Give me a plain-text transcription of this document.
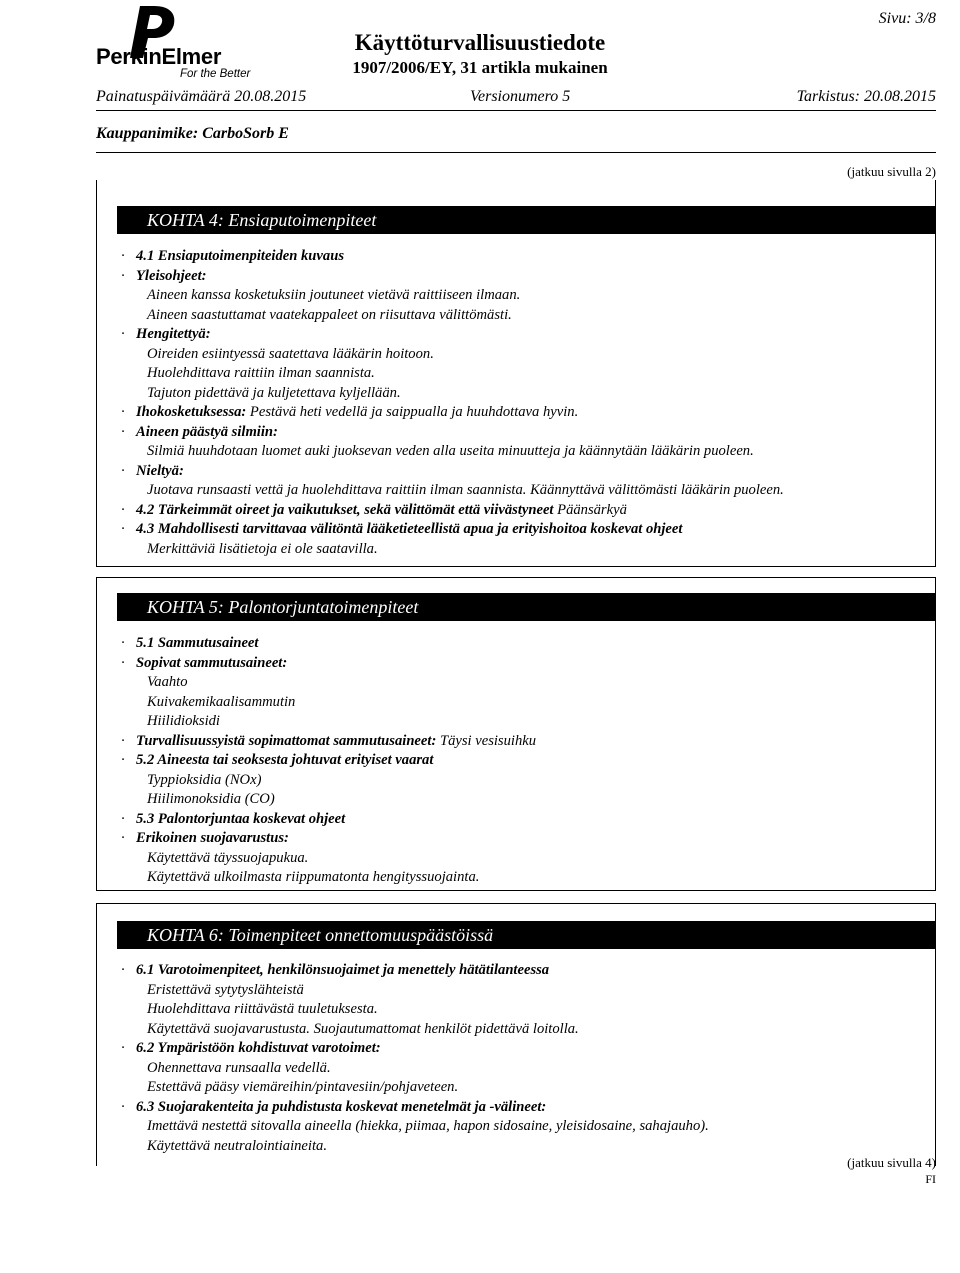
PerkinElmer
For the Better
Käyttöturvallisuustiedote
1907/2006/EY, 31 artikla mukainen
Sivu: 3/8
Painatuspäivämäärä 20.08.2015	Versionumero 5	Tarkistus: 20.08.2015
Kauppanimike: CarboSorb E
(jatkuu sivulla 2)
KOHTA 4: Ensiaputoimenpiteet
· 4.1 Ensiaputoimenpiteiden kuvaus
· Yleisohjeet:
Aineen kanssa kosketuksiin joutuneet vietävä raittiiseen ilmaan.
Aineen saastuttamat vaatekappaleet on riisuttava välittömästi.
· Hengitettyä:
Oireiden esiintyessä saatettava lääkärin hoitoon.
Huolehdittava raittiin ilman saannista.
Tajuton pidettävä ja kuljetettava kyljellään.
· Ihokosketuksessa: Pestävä heti vedellä ja saippualla ja huuhdottava hyvin.
· Aineen päästyä silmiin:
Silmiä huuhdotaan luomet auki juoksevan veden alla useita minuutteja ja käännytään lääkärin puoleen.
· Nieltyä:
Juotava runsaasti vettä ja huolehdittava raittiin ilman saannista. Käännyttävä välittömästi lääkärin puoleen.
· 4.2 Tärkeimmät oireet ja vaikutukset, sekä välittömät että viivästyneet Päänsärkyä
· 4.3 Mahdollisesti tarvittavaa välitöntä lääketieteellistä apua ja erityishoitoa koskevat ohjeet
Merkittäviä lisätietoja ei ole saatavilla.
KOHTA 5: Palontorjuntatoimenpiteet
· 5.1 Sammutusaineet
· Sopivat sammutusaineet:
Vaahto
Kuivakemikaalisammutin
Hiilidioksidi
· Turvallisuussyistä sopimattomat sammutusaineet: Täysi vesisuihku
· 5.2 Aineesta tai seoksesta johtuvat erityiset vaarat
Typpioksidia (NOx)
Hiilimonoksidia (CO)
· 5.3 Palontorjuntaa koskevat ohjeet
· Erikoinen suojavarustus:
Käytettävä täyssuojapukua.
Käytettävä ulkoilmasta riippumatonta hengityssuojainta.
KOHTA 6: Toimenpiteet onnettomuuspäästöissä
· 6.1 Varotoimenpiteet, henkilönsuojaimet ja menettely hätätilanteessa
Eristettävä sytytyslähteistä
Huolehdittava riittävästä tuuletuksesta.
Käytettävä suojavarustusta. Suojautumattomat henkilöt pidettävä loitolla.
· 6.2 Ympäristöön kohdistuvat varotoimet:
Ohennettava runsaalla vedellä.
Estettävä pääsy viemäreihin/pintavesiin/pohjaveteen.
· 6.3 Suojarakenteita ja puhdistusta koskevat menetelmät ja -välineet:
Imettävä nestettä sitovalla aineella (hiekka, piimaa, hapon sidosaine, yleisidosaine, sahajauho).
Käytettävä neutralointiaineita.
(jatkuu sivulla 4)
FI
